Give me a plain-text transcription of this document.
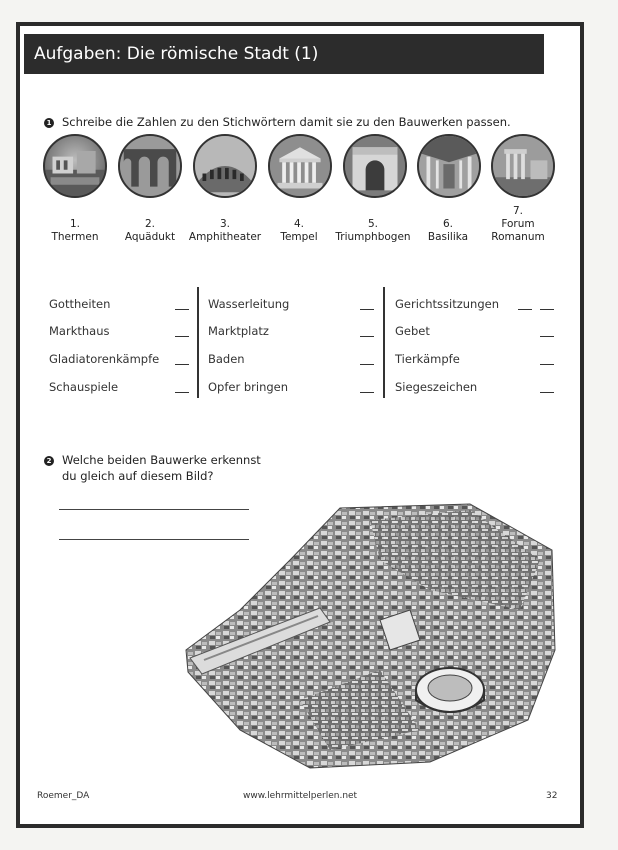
Aufgaben: Die römische Stadt (1)
1 Schreibe die Zahlen zu den Stichwörtern damit sie zu den Bauwerken passen.
1.
Thermen
2.
Aquädukt
3.
Amphitheater
4.
Tempel
5.
Triumphbogen
6.
Basilika
7.
Forum Romanum
Gottheiten
Markthaus
Gladiatorenkämpfe
Schauspiele
Wasserleitung
Marktplatz
Baden
Opfer bringen
Gerichtssitzungen
Gebet
Tierkämpfe
Siegeszeichen
2 Welche beiden Bauwerke erkennst
du gleich auf diesem Bild?
Roemer_DA	www.lehrmittelperlen.net	32
